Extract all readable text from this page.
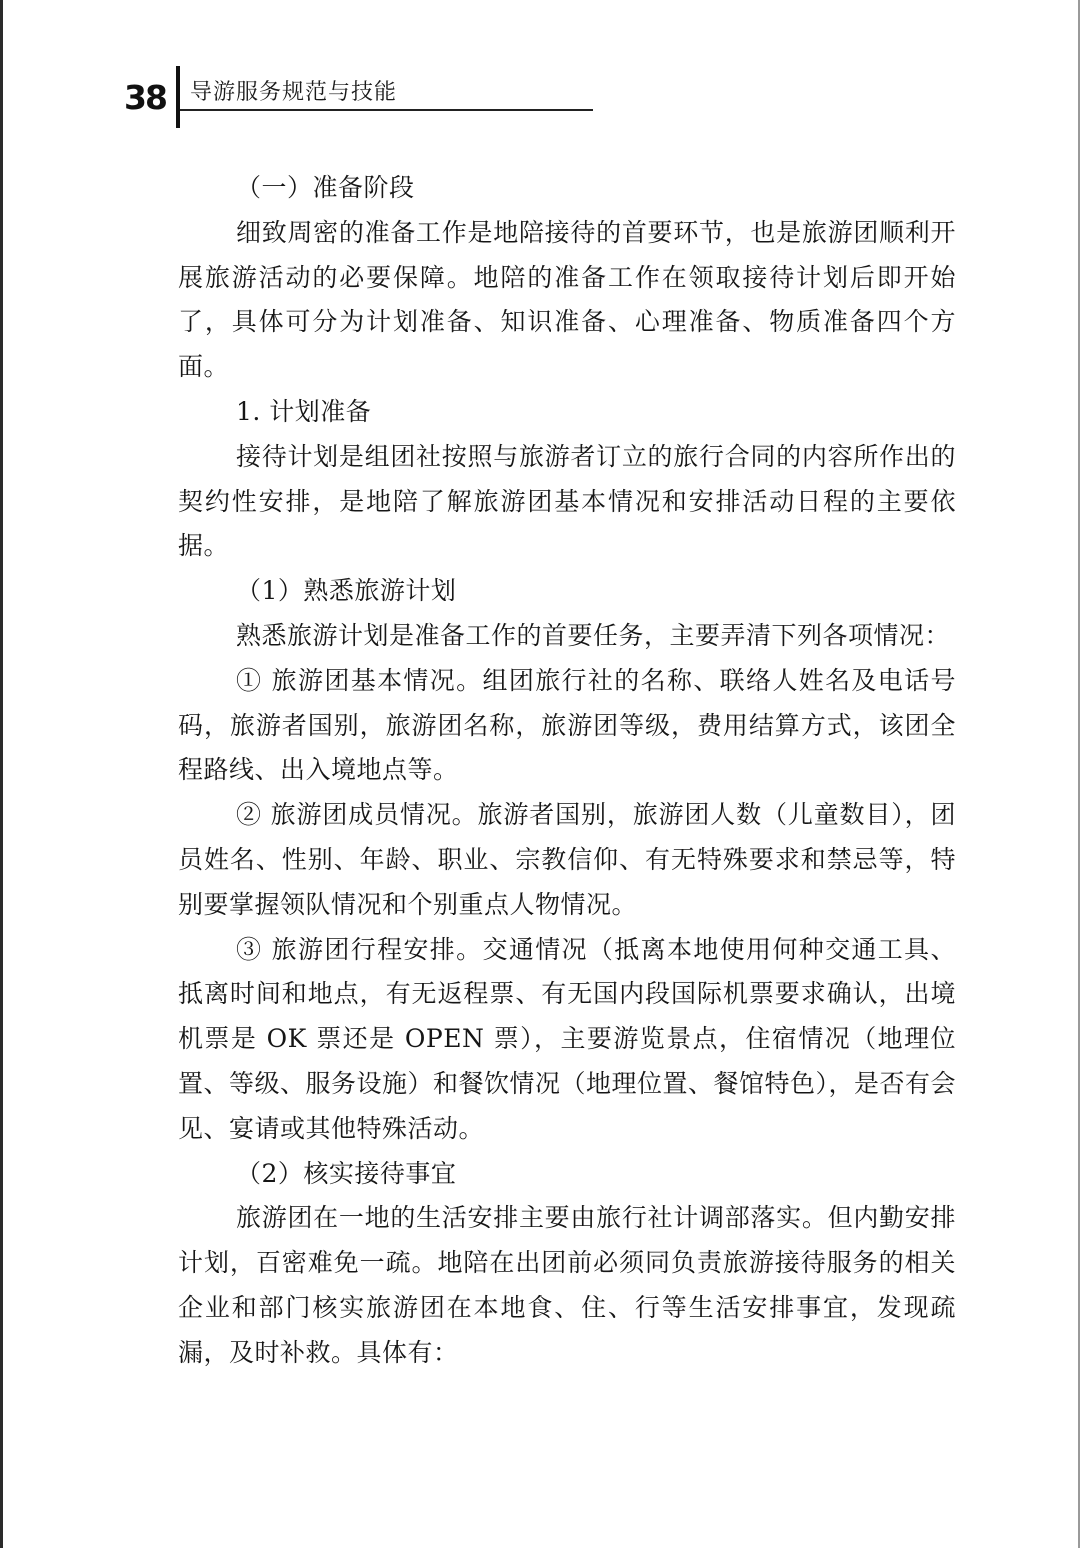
38 导游服务规范与技能

（一）准备阶段

细致周密的准备工作是地陪接待的首要环节，也是旅游团顺利开展旅游活动的必要保障。地陪的准备工作在领取接待计划后即开始了，具体可分为计划准备、知识准备、心理准备、物质准备四个方面。

1. 计划准备

接待计划是组团社按照与旅游者订立的旅行合同的内容所作出的契约性安排，是地陪了解旅游团基本情况和安排活动日程的主要依据。

（1）熟悉旅游计划

熟悉旅游计划是准备工作的首要任务，主要弄清下列各项情况：

① 旅游团基本情况。组团旅行社的名称、联络人姓名及电话号码，旅游者国别，旅游团名称，旅游团等级，费用结算方式，该团全程路线、出入境地点等。

② 旅游团成员情况。旅游者国别，旅游团人数（儿童数目），团员姓名、性别、年龄、职业、宗教信仰、有无特殊要求和禁忌等，特别要掌握领队情况和个别重点人物情况。

③ 旅游团行程安排。交通情况（抵离本地使用何种交通工具、抵离时间和地点，有无返程票、有无国内段国际机票要求确认，出境机票是 OK 票还是 OPEN 票），主要游览景点，住宿情况（地理位置、等级、服务设施）和餐饮情况（地理位置、餐馆特色），是否有会见、宴请或其他特殊活动。

（2）核实接待事宜

旅游团在一地的生活安排主要由旅行社计调部落实。但内勤安排计划，百密难免一疏。地陪在出团前必须同负责旅游接待服务的相关企业和部门核实旅游团在本地食、住、行等生活安排事宜，发现疏漏，及时补救。具体有：
